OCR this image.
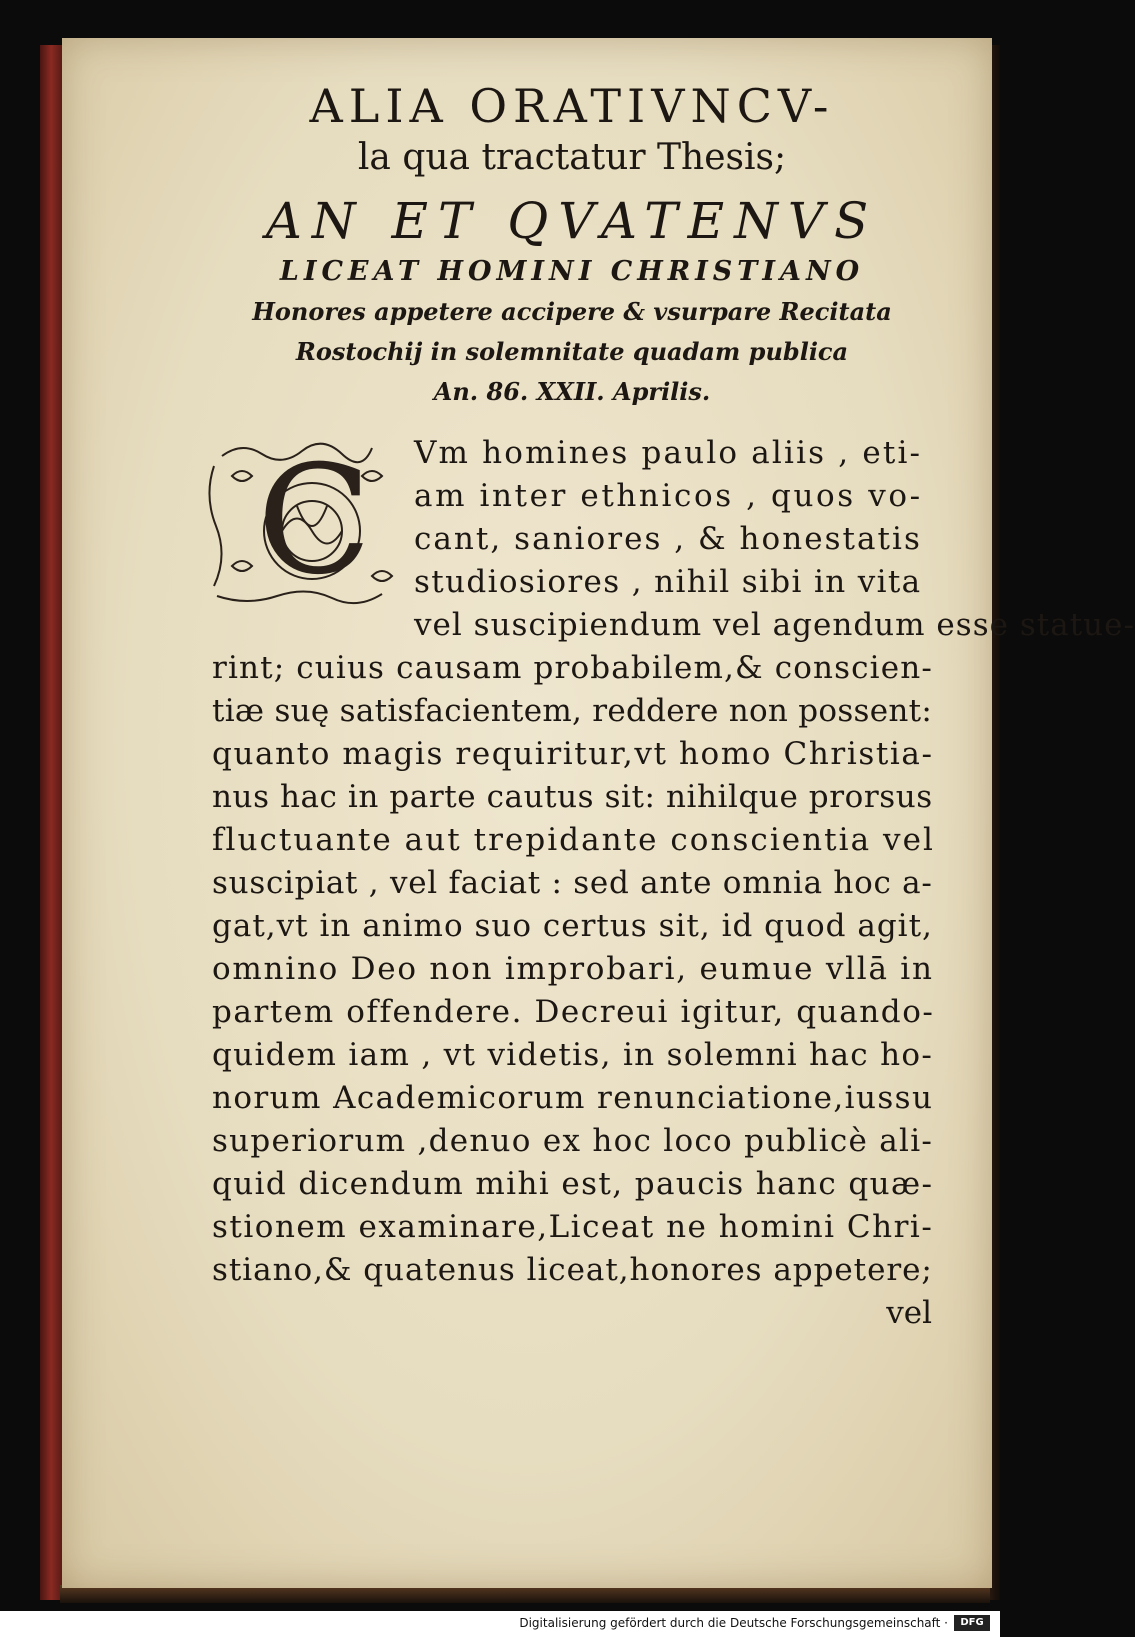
ALIA ORATIVNCV-

la qua tractatur Thesis;

AN ET QVATENVS

LICEAT HOMINI CHRISTIANO

Honores appetere accipere & vsurpare Recitata

Rostochij in solemnitate quadam publica

An. 86. XXII. Aprilis.

C	Vm homines paulo aliis , eti-
am inter ethnicos , quos vo-
cant, saniores , & honestatis
studiosiores , nihil sibi in vita
vel suscipiendum vel agendum esse statue-
rint; cuius causam probabilem,& conscien-
tiæ suę satisfacientem, reddere non possent:
quanto magis requiritur,vt homo Christia-
nus hac in parte cautus sit: nihilque prorsus
fluctuante aut trepidante conscientia vel
suscipiat , vel faciat : sed ante omnia hoc a-
gat,vt in animo suo certus sit, id quod agit,
omnino Deo non improbari, eumue vllā in
partem offendere. Decreui igitur, quando-
quidem iam , vt videtis, in solemni hac ho-
norum Academicorum renunciatione,iussu
superiorum ,denuo ex hoc loco publicè ali-
quid dicendum mihi est, paucis hanc quæ-
stionem examinare,Liceat ne homini Chri-
stiano,& quatenus liceat,honores appetere;
vel
Digitalisierung gefördert durch die Deutsche Forschungsgemeinschaft ·	DFG
